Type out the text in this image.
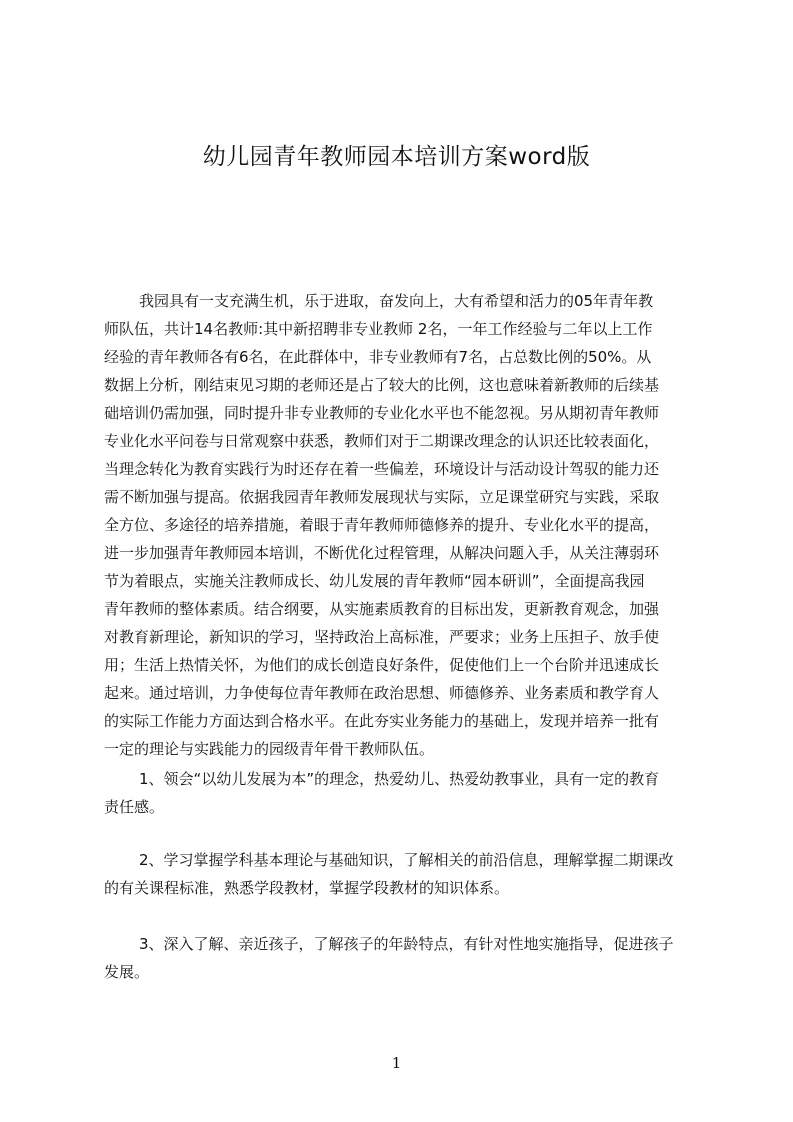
幼儿园青年教师园本培训方案word版
我园具有一支充满生机，乐于进取，奋发向上，大有希望和活力的05年青年教
师队伍，共计14名教师:其中新招聘非专业教师 2名，一年工作经验与二年以上工作
经验的青年教师各有6名，在此群体中，非专业教师有7名，占总数比例的50%。从
数据上分析，刚结束见习期的老师还是占了较大的比例，这也意味着新教师的后续基
础培训仍需加强，同时提升非专业教师的专业化水平也不能忽视。另从期初青年教师
专业化水平问卷与日常观察中获悉，教师们对于二期课改理念的认识还比较表面化，
当理念转化为教育实践行为时还存在着一些偏差，环境设计与活动设计驾驭的能力还
需不断加强与提高。依据我园青年教师发展现状与实际，立足课堂研究与实践，采取
全方位、多途径的培养措施，着眼于青年教师师德修养的提升、专业化水平的提高，
进一步加强青年教师园本培训，不断优化过程管理，从解决问题入手，从关注薄弱环
节为着眼点，实施关注教师成长、幼儿发展的青年教师“园本研训”，全面提高我园
青年教师的整体素质。结合纲要，从实施素质教育的目标出发，更新教育观念，加强
对教育新理论，新知识的学习，坚持政治上高标准，严要求；业务上压担子、放手使
用；生活上热情关怀，为他们的成长创造良好条件，促使他们上一个台阶并迅速成长
起来。通过培训，力争使每位青年教师在政治思想、师德修养、业务素质和教学育人
的实际工作能力方面达到合格水平。在此夯实业务能力的基础上，发现并培养一批有
一定的理论与实践能力的园级青年骨干教师队伍。
1、领会“以幼儿发展为本”的理念，热爱幼儿、热爱幼教事业，具有一定的教育
责任感。
2、学习掌握学科基本理论与基础知识，了解相关的前沿信息，理解掌握二期课改
的有关课程标准，熟悉学段教材，掌握学段教材的知识体系。
3、深入了解、亲近孩子，了解孩子的年龄特点，有针对性地实施指导，促进孩子
发展。
1
